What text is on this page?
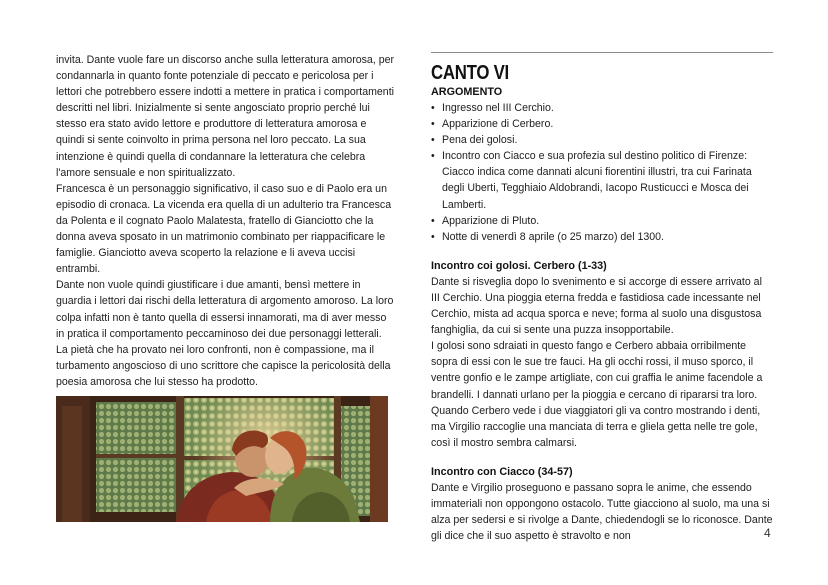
invita. Dante vuole fare un discorso anche sulla letteratura amorosa, per condannarla in quanto fonte potenziale di peccato e pericolosa per i lettori che potrebbero essere indotti a mettere in pratica i comportamenti descritti nel libri. Inizialmente si sente angosciato proprio perché lui stesso era stato avido lettore e produttore di letteratura amorosa e quindi si sente coinvolto in prima persona nel loro peccato. La sua intenzione è quindi quella di condannare la letteratura che celebra l'amore sensuale e non spiritualizzato.

Francesca è un personaggio significativo, il caso suo e di Paolo era un episodio di cronaca. La vicenda era quella di un adulterio tra Francesca da Polenta e il cognato Paolo Malatesta, fratello di Gianciotto che la donna aveva sposato in un matrimonio combinato per riappacificare le famiglie. Gianciotto aveva scoperto la relazione e li aveva uccisi entrambi.

Dante non vuole quindi giustificare i due amanti, bensì mettere in guardia i lettori dai rischi della letteratura di argomento amoroso. La loro colpa infatti non è tanto quella di essersi innamorati, ma di aver messo in pratica il comportamento peccaminoso dei due personaggi letterali.

La pietà che ha provato nei loro confronti, non è compassione, ma il turbamento angoscioso di uno scrittore che capisce la pericolosità della poesia amorosa che lui stesso ha prodotto.

CANTO VI
ARGOMENTO
• Ingresso nel III Cerchio.
• Apparizione di Cerbero.
• Pena dei golosi.
• Incontro con Ciacco e sua profezia sul destino politico di Firenze: Ciacco indica come dannati alcuni fiorentini illustri, tra cui Farinata degli Uberti, Tegghiaio Aldobrandi, Iacopo Rusticucci e Mosca dei Lamberti.
• Apparizione di Pluto.
• Notte di venerdì 8 aprile (o 25 marzo) del 1300.
Incontro coi golosi. Cerbero (1-33)

Dante si risveglia dopo lo svenimento e si accorge di essere arrivato al III Cerchio. Una pioggia eterna fredda e fastidiosa cade incessante nel Cerchio, mista ad acqua sporca e neve; forma al suolo una disgustosa fanghiglia, da cui si sente una puzza insopportabile.

I golosi sono sdraiati in questo fango e Cerbero abbaia orribilmente sopra di essi con le sue tre fauci. Ha gli occhi rossi, il muso sporco, il ventre gonfio e le zampe artigliate, con cui graffia le anime facendole a brandelli. I dannati urlano per la pioggia e cercano di ripararsi tra loro. Quando Cerbero vede i due viaggiatori gli va contro mostrando i denti, ma Virgilio raccoglie una manciata di terra e gliela getta nelle tre gole, così il mostro sembra calmarsi.

Incontro con Ciacco (34-57)

Dante e Virgilio proseguono e passano sopra le anime, che essendo immateriali non oppongono ostacolo. Tutte giacciono al suolo, ma una si alza per sedersi e si rivolge a Dante, chiedendogli se lo riconosce. Dante gli dice che il suo aspetto è stravolto e non	4
